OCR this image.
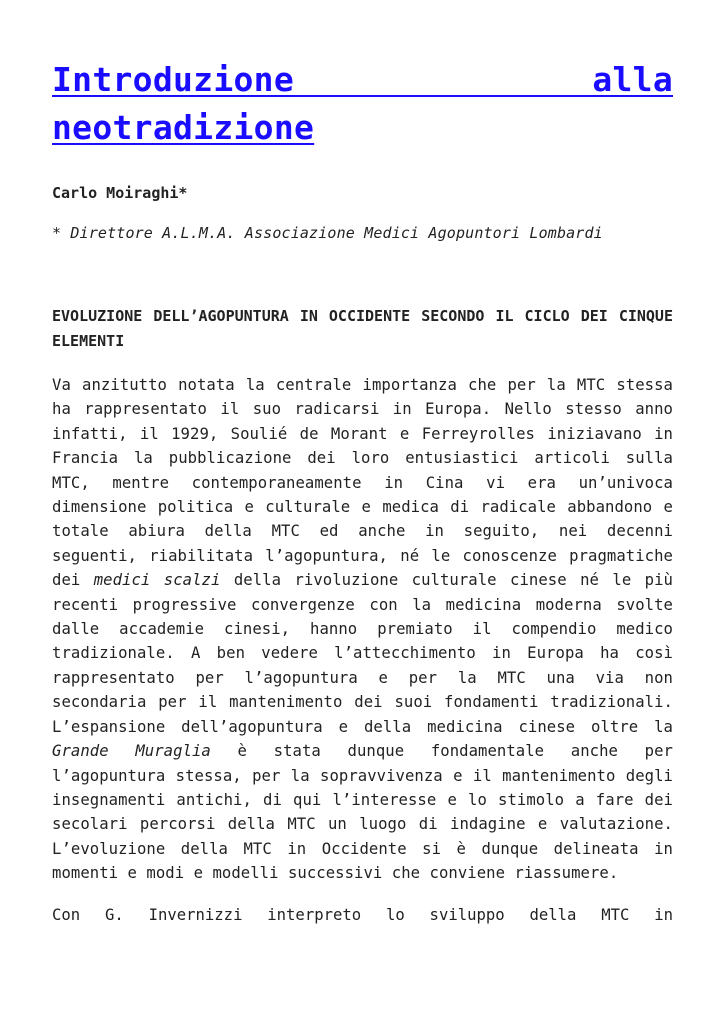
Introduzione alla neotradizione

Carlo Moiraghi*

* Direttore A.L.M.A. Associazione Medici Agopuntori Lombardi

EVOLUZIONE DELL’AGOPUNTURA IN OCCIDENTE SECONDO IL CICLO DEI CINQUE ELEMENTI

Va anzitutto notata la centrale importanza che per la MTC stessa ha rappresentato il suo radicarsi in Europa. Nello stesso anno infatti, il 1929, Soulié de Morant e Ferreyrolles iniziavano in Francia la pubblicazione dei loro entusiastici articoli sulla MTC, mentre contemporaneamente in Cina vi era un’univoca dimensione politica e culturale e medica di radicale abbandono e totale abiura della MTC ed anche in seguito, nei decenni seguenti, riabilitata l’agopuntura, né le conoscenze pragmatiche dei medici scalzi della rivoluzione culturale cinese né le più recenti progressive convergenze con la medicina moderna svolte dalle accademie cinesi, hanno premiato il compendio medico tradizionale. A ben vedere l’attecchimento in Europa ha così rappresentato per l’agopuntura e per la MTC una via non secondaria per il mantenimento dei suoi fondamenti tradizionali. L’espansione dell’agopuntura e della medicina cinese oltre la Grande Muraglia è stata dunque fondamentale anche per l’agopuntura stessa, per la sopravvivenza e il mantenimento degli insegnamenti antichi, di qui l’interesse e lo stimolo a fare dei secolari percorsi della MTC un luogo di indagine e valutazione. L’evoluzione della MTC in Occidente si è dunque delineata in momenti e modi e modelli successivi che conviene riassumere.

Con G. Invernizzi interpreto lo sviluppo della MTC in
